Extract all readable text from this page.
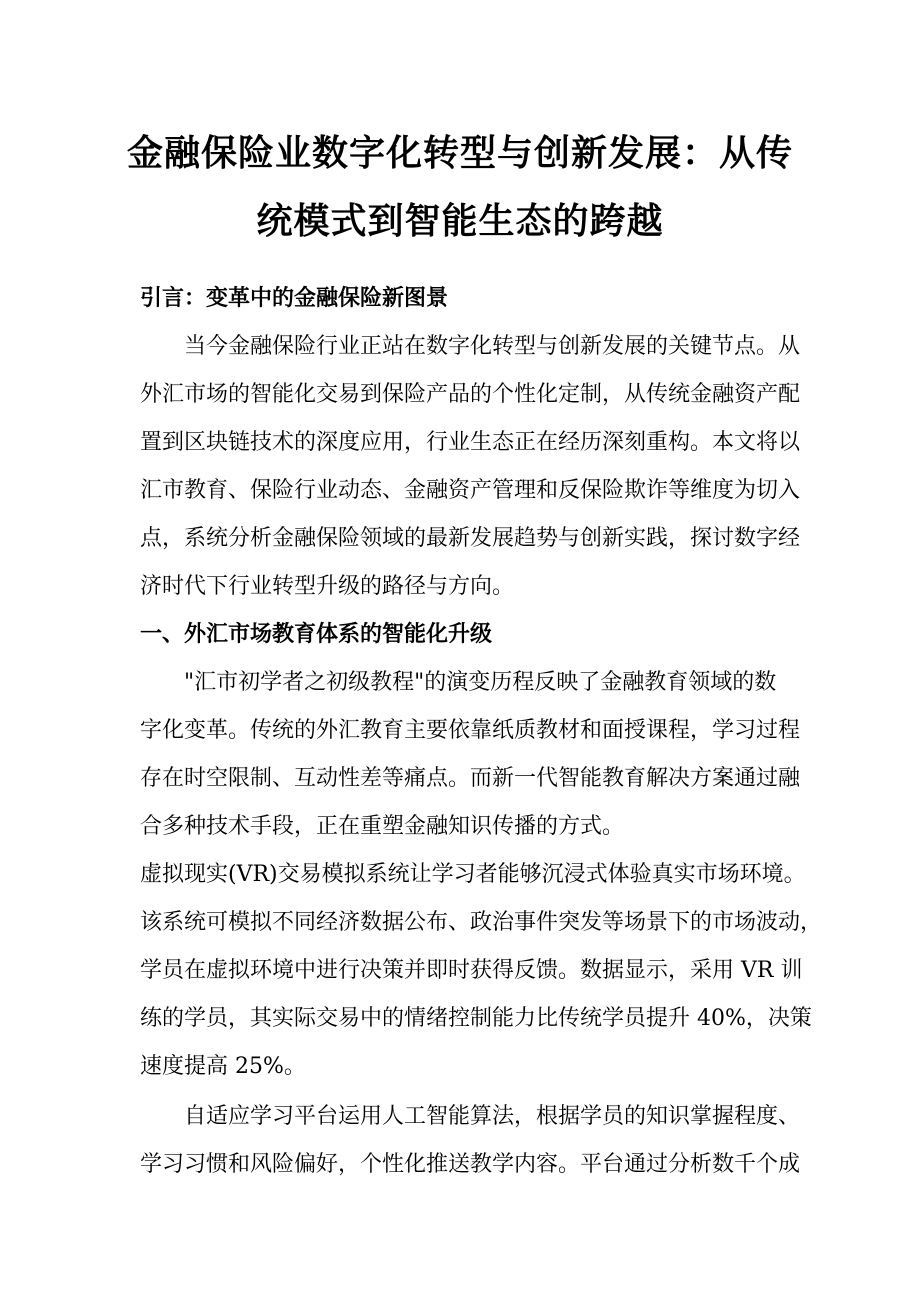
金融保险业数字化转型与创新发展：从传
统模式到智能生态的跨越
引言：变革中的金融保险新图景

当今金融保险行业正站在数字化转型与创新发展的关键节点。从

外汇市场的智能化交易到保险产品的个性化定制，从传统金融资产配

置到区块链技术的深度应用，行业生态正在经历深刻重构。本文将以

汇市教育、保险行业动态、金融资产管理和反保险欺诈等维度为切入

点，系统分析金融保险领域的最新发展趋势与创新实践，探讨数字经

济时代下行业转型升级的路径与方向。

一、外汇市场教育体系的智能化升级

"汇市初学者之初级教程"的演变历程反映了金融教育领域的数

字化变革。传统的外汇教育主要依靠纸质教材和面授课程，学习过程

存在时空限制、互动性差等痛点。而新一代智能教育解决方案通过融

合多种技术手段，正在重塑金融知识传播的方式。

虚拟现实(VR)交易模拟系统让学习者能够沉浸式体验真实市场环境。

该系统可模拟不同经济数据公布、政治事件突发等场景下的市场波动，

学员在虚拟环境中进行决策并即时获得反馈。数据显示，采用 VR 训

练的学员，其实际交易中的情绪控制能力比传统学员提升 40%，决策

速度提高 25%。

自适应学习平台运用人工智能算法，根据学员的知识掌握程度、

学习习惯和风险偏好，个性化推送教学内容。平台通过分析数千个成
